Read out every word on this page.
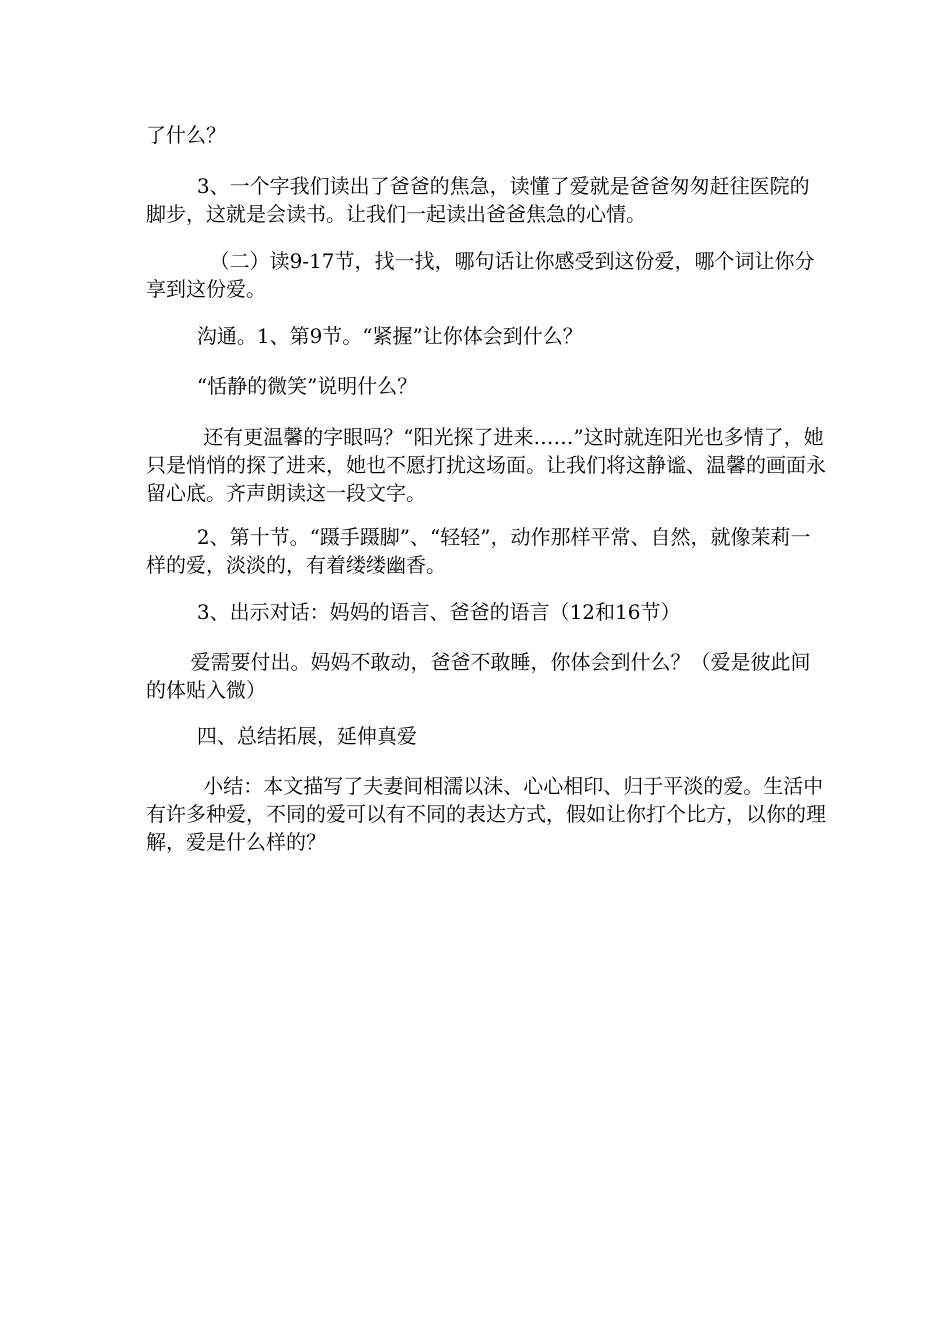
了什么？

3、一个字我们读出了爸爸的焦急，读懂了爱就是爸爸匆匆赶往医院的脚步，这就是会读书。让我们一起读出爸爸焦急的心情。

（二）读9-17节，找一找，哪句话让你感受到这份爱，哪个词让你分享到这份爱。

沟通。1、第9节。“紧握”让你体会到什么？

“恬静的微笑”说明什么？

还有更温馨的字眼吗？“阳光探了进来……”这时就连阳光也多情了，她只是悄悄的探了进来，她也不愿打扰这场面。让我们将这静谧、温馨的画面永留心底。齐声朗读这一段文字。

2、第十节。“蹑手蹑脚”、“轻轻”，动作那样平常、自然，就像茉莉一样的爱，淡淡的，有着缕缕幽香。

3、出示对话：妈妈的语言、爸爸的语言（12和16节）

爱需要付出。妈妈不敢动，爸爸不敢睡，你体会到什么？（爱是彼此间的体贴入微）

四、总结拓展，延伸真爱

小结：本文描写了夫妻间相濡以沫、心心相印、归于平淡的爱。生活中有许多种爱，不同的爱可以有不同的表达方式，假如让你打个比方，以你的理解，爱是什么样的？
